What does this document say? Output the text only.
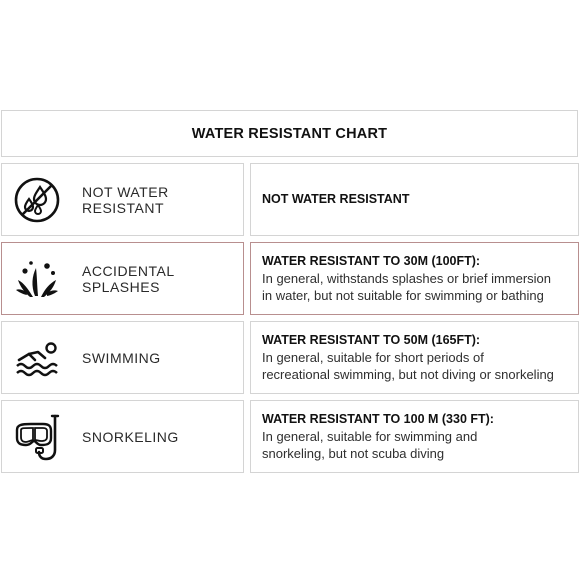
WATER RESISTANT CHART
NOT WATER RESISTANT
NOT WATER RESISTANT
ACCIDENTAL SPLASHES
WATER RESISTANT TO 30M (100FT):
In general, withstands splashes or brief immersion
in water, but not suitable for swimming or bathing
SWIMMING
WATER RESISTANT TO 50M (165FT):
In general, suitable for short periods of
recreational swimming, but not diving or snorkeling
SNORKELING
WATER RESISTANT TO 100 M (330 FT):
In general, suitable for swimming and
snorkeling, but not scuba diving
